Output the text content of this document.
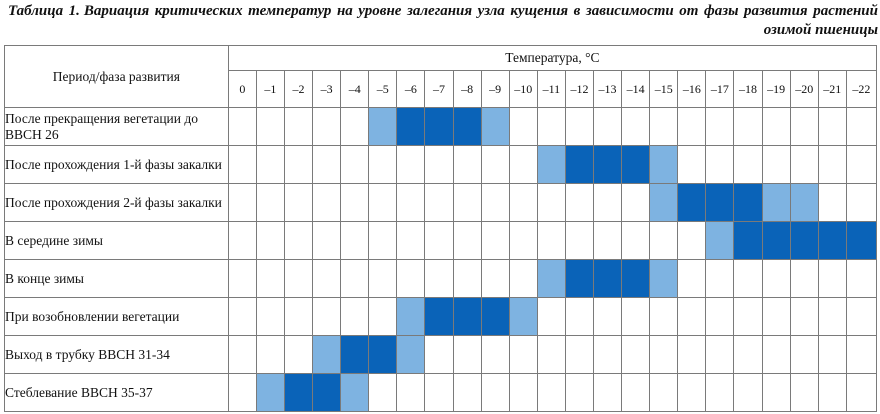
Таблица 1. Вариация критических температур на уровне залегания узла кущения в зависимости от фазы развития растений озимой пшеницы
Период/фаза развития	Температура, °С																						
	0	–1	–2	–3	–4	–5	–6	–7	–8	–9	–10	–11	–12	–13	–14	–15	–16	–17	–18	–19	–20	–21	–22
После прекращения вегетации до ВВСН 26																							
После прохождения 1-й фазы закалки																							
После прохождения 2-й фазы закалки																							
В середине зимы																							
В конце зимы																							
При возобновлении вегетации																							
Выход в трубку ВВСН 31-34																							
Стеблевание ВВСН 35-37																							
